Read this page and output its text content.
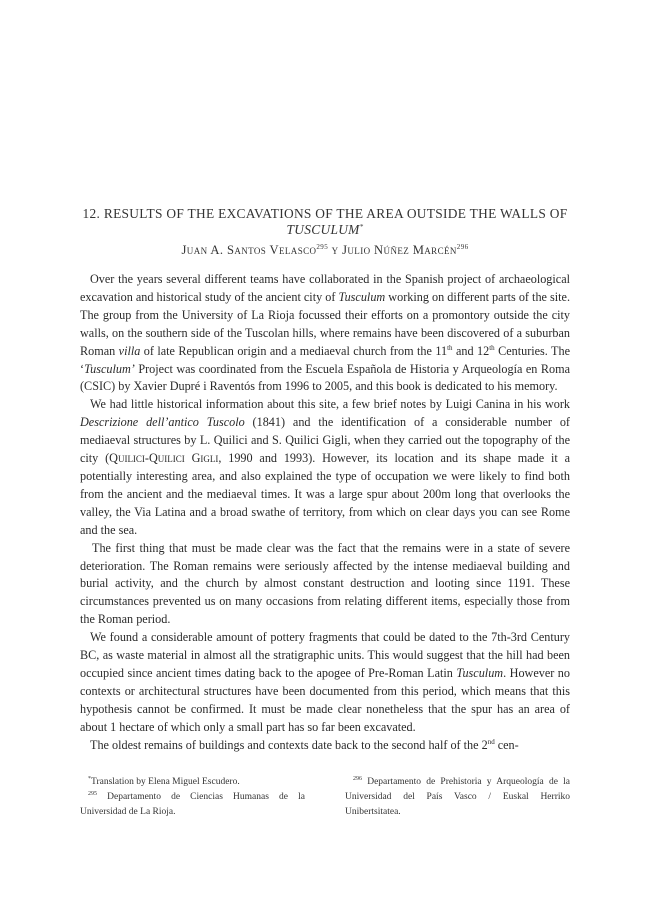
12. RESULTS OF THE EXCAVATIONS OF THE AREA OUTSIDE THE WALLS OF
TUSCULUM*
Juan A. Santos Velasco$^{295}$ y Julio Núñez Marcén$^{296}$

Over the years several different teams have collaborated in the Spanish project of archaeological excavation and historical study of the ancient city of Tusculum working on different parts of the site. The group from the University of La Rioja focussed their efforts on a promontory outside the city walls, on the southern side of the Tuscolan hills, where remains have been discovered of a suburban Roman villa of late Republican origin and a mediaeval church from the 11th and 12th Centuries. The ‘Tusculum’ Project was coordinated from the Escuela Española de Historia y Arqueología en Roma (CSIC) by Xavier Dupré i Raventós from 1996 to 2005, and this book is dedicated to his memory.

We had little historical information about this site, a few brief notes by Luigi Canina in his work Descrizione dell’antico Tuscolo (1841) and the identification of a considerable number of mediaeval structures by L. Quilici and S. Quilici Gigli, when they carried out the topography of the city (Quilici-Quilici Gigli, 1990 and 1993). However, its location and its shape made it a potentially interesting area, and also explained the type of occupation we were likely to find both from the ancient and the mediaeval times. It was a large spur about 200m long that overlooks the valley, the Via Latina and a broad swathe of territory, from which on clear days you can see Rome and the sea.

The first thing that must be made clear was the fact that the remains were in a state of severe deterioration. The Roman remains were seriously affected by the intense mediaeval building and burial activity, and the church by almost constant destruction and looting since 1191. These circumstances prevented us on many occasions from relating different items, especially those from the Roman period.

We found a considerable amount of pottery fragments that could be dated to the 7th-3rd Century BC, as waste material in almost all the stratigraphic units. This would suggest that the hill had been occupied since ancient times dating back to the apogee of Pre-Roman Latin Tusculum. However no contexts or architectural structures have been documented from this period, which means that this hypothesis cannot be confirmed. It must be made clear nonetheless that the spur has an area of about 1 hectare of which only a small part has so far been excavated.

The oldest remains of buildings and contexts date back to the second half of the 2nd cen-

*Translation by Elena Miguel Escudero.

$^{295}$ Departamento de Ciencias Humanas de la Universidad de La Rioja.

$^{296}$ Departamento de Prehistoria y Arqueología de la Universidad del País Vasco / Euskal Herriko Unibertsitatea.
